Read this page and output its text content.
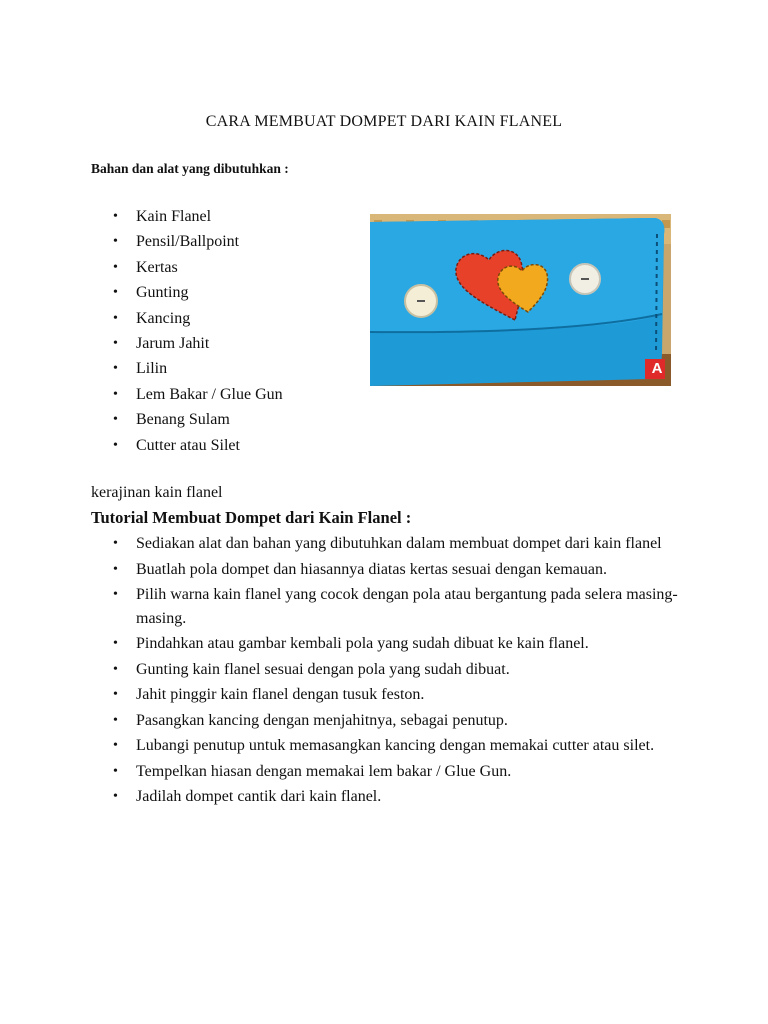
CARA MEMBUAT DOMPET DARI KAIN FLANEL
Bahan dan alat yang dibutuhkan :
• Kain Flanel
• Pensil/Ballpoint
• Kertas
• Gunting
• Kancing
• Jarum Jahit
• Lilin
• Lem Bakar / Glue Gun
• Benang Sulam
• Cutter atau Silet
A
kerajinan kain flanel
Tutorial Membuat Dompet dari Kain Flanel :
• Sediakan alat dan bahan yang dibutuhkan dalam membuat dompet dari kain flanel
• Buatlah pola dompet dan hiasannya diatas kertas sesuai dengan kemauan.
• Pilih warna kain flanel yang cocok dengan pola atau bergantung pada selera masing-masing.
• Pindahkan atau gambar kembali pola yang sudah dibuat ke kain flanel.
• Gunting kain flanel sesuai dengan pola yang sudah dibuat.
• Jahit pinggir kain flanel dengan tusuk feston.
• Pasangkan kancing dengan menjahitnya, sebagai penutup.
• Lubangi penutup untuk memasangkan kancing dengan memakai cutter atau silet.
• Tempelkan hiasan dengan memakai lem bakar / Glue Gun.
• Jadilah dompet cantik dari kain flanel.
